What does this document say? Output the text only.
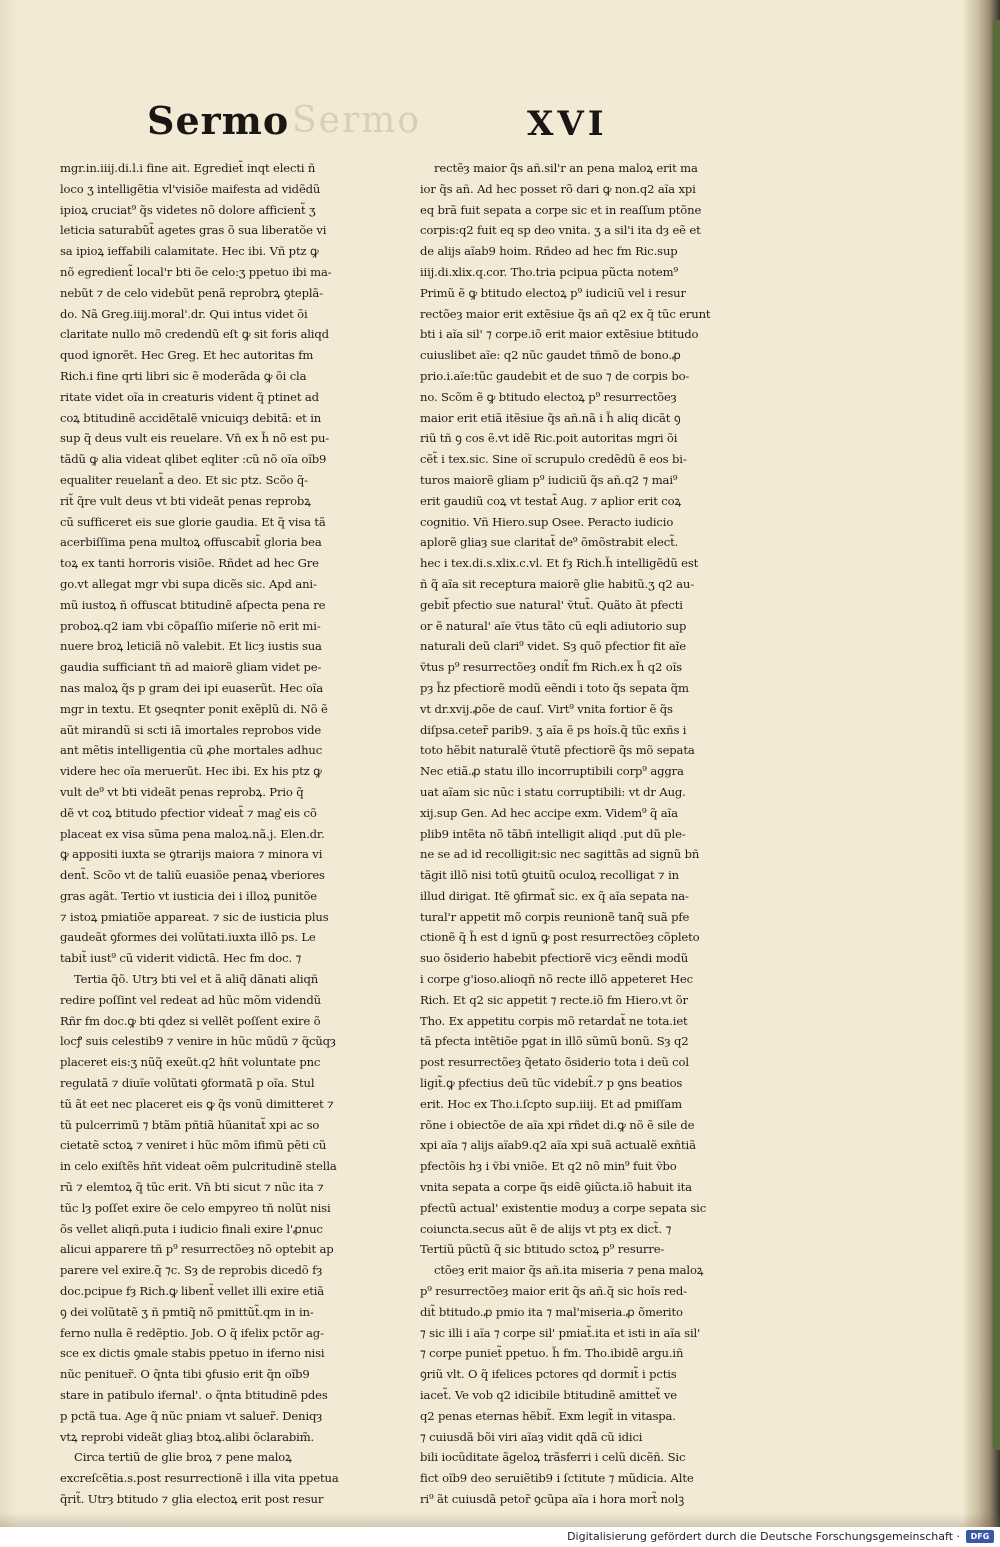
Sermo
Sermo	XVI
mgr.in.iiij.di.l.i fine ait. Egrediet̃ inqt electi ñ
loco ʒ intelligẽtia vl'visiõe maifesta ad vidẽdũ
ipioꝝ cruciat⁹ q̃s videtes nõ dolore afficient̃ ʒ
leticia saturabũt̃ agetes gras õ sua liberatõe vi
sa ipioꝝ ieffabili calamitate. Hec ibi. Vñ ptz ꝙ
nõ egredient̃ local'r bti õe celo:ʒ ppetuo ibi ma-
nebũt ⁊ de celo videbũt penã reprobrꝝ ꝯteplã-
do. Nã Greg.iiij.moral'.dr. Qui intus videt õi
claritate nullo mõ credendũ eſt ꝙ sit foris aliqd
quod ignorẽt. Hec Greg. Et hec autoritas fm
Rich.i fine qrti libri sic ẽ moderãda ꝙ õi cla
ritate videt oĩa in creaturis vident q̃ ptinet ad
coꝝ btitudinẽ accidẽtalẽ vnicuiqȝ debitã: et in
sup q̃ deus vult eis reuelare. Vn̄ ex h̃ nõ est pu-
tãdũ ꝙ alia videat qlibet eqliter :cũ nõ oĩa oĩb9
equaliter reuelant̃ a deo. Et sic ptz. Scõo q̃-
rit̃ q̃re vult deus vt bti videãt penas reprobꝝ
cũ sufficeret eis sue glorie gaudia. Et q̃ visa tã
acerbiſſima pena multoꝝ offuscabit̃ gloria bea
toꝝ ex tanti horroris visiõe. Rñdet ad hec Gre
go.vt allegat mgr vbi supa dicẽs sic. Apd ani-
mũ iustoꝝ ñ offuscat btitudinẽ aſpecta pena re
proboꝝ.q2 iam vbi cõpaſſio miſerie nõ erit mi-
nuere broꝝ leticiã nõ valebit. Et licȝ iustis sua
gaudia sufficiant tñ ad maiorẽ gliam videt pe-
nas maloꝝ q̃s p gram dei ipi euaserũt. Hec oĩa
mgr in textu. Et ꝯseqnter ponit exẽplũ di. Nõ ẽ
aũt mirandũ si scti iã imortales reprobos vide
ant mẽtis intelligentia cũ ꝓhe mortales adhuc
videre hec oĩa meruerũt. Hec ibi. Ex his ptz ꝙ
vult de⁹ vt bti videãt penas reprobꝝ. Prio q̃
dẽ vt coꝝ btitudo pfectior videat̃ ⁊ mag͛ eis cõ
placeat ex visa sũma pena maloꝝ.nã.j. Elen.dr.
ꝙ appositi iuxta se ꝯtrarijs maiora ⁊ minora vi
dent̃. Scõo vt de taliũ euasiõe penaꝝ vberiores
gras agãt. Tertio vt iusticia dei i illoꝝ punitõe
⁊ istoꝝ pmiatiõe appareat. ⁊ sic de iusticia plus
gaudeãt ꝯformes dei volũtati.iuxta illõ ps. Le
tabit̃ iust⁹ cũ viderit vidictã. Hec fm doc. ⁊
Tertia q̃õ. Utrȝ bti vel et ã aliq̃ dãnati aliqñ
redire poſſint vel redeat ad hũc mõm videndũ
Rñr fm doc.ꝙ bti qdez si vellẽt poſſent exire õ
locꝭ suis celestib9 ⁊ venire in hũc mũdũ ⁊ q̃cũqȝ
placeret eis:ʒ nũq̃ exeũt.q2 hñt voluntate pnc
regulatã ⁊ diuĩe volũtati ꝯformatã p oĩa. Stul
tũ ãt eet nec placeret eis ꝙ q̃s vonũ dimitteret ⁊
tũ pulcerrimũ ⁊ btãm pñtiã hũanitat̃ xpi ac so
cietatẽ sctoꝝ ⁊ veniret i hũc mõm ifimũ pẽti cũ
in celo exiſtẽs hñt videat oẽm pulcritudinẽ stella
rũ ⁊ elemtoꝝ q̃ tũc erit. Vn̄ bti sicut ⁊ nũc ita ⁊
tũc lȝ poſſet exire õe celo empyreo tñ nolũt nisi
õs vellet aliqñ.puta i iudicio finali exire l'ꝓnuc
alicui apparere tñ p⁹ resurrectõeȝ nõ optebit ap
parere vel exire.q̃ ⁊c. Sȝ de reprobis dicedõ fȝ
doc.pcipue fȝ Rich.ꝙ libent̃ vellet illi exire etiã
ꝯ dei volũtatẽ ʒ ñ pmtiq̃ nõ pmittũt̃.qm in in-
ferno nulla ẽ redẽptio. Job. O q̃ ifelix pctõr ag-
sce ex dictis ꝯmale stabis ppetuo in iferno nisi
nũc penituer̃. O q̃nta tibi ꝯfusio erit q̃n oĩb9
stare in patibulo ifernal'. o q̃nta btitudinẽ pdes
p pctã tua. Age q̃ nũc pniam vt saluer̃. Deniqȝ
vtꝝ reprobi videãt gliaȝ btoꝝ.alibi õclarabim̃.
Circa tertiũ de glie broꝝ ⁊ pene maloꝝ
excreſcẽtia.s.post resurrectionẽ i illa vita ppetua
q̃rit̃. Utrȝ btitudo ⁊ glia electoꝝ erit post resur
rectẽȝ maior q̃s añ.sil'r an pena maloꝝ erit ma
ior q̃s añ. Ad hec posset rõ dari ꝙ non.q2 aĩa xpi
eq brã fuit sepata a corpe sic et in reaſſum ptõne
corpis:q2 fuit eq sp deo vnita. ʒ a sil'i ita dȝ eẽ et
de alijs aĩab9 hoim. Rñdeo ad hec fm Ric.sup
iiij.di.xlix.q.cor. Tho.tria pcipua pũcta notem⁹
Primũ ẽ ꝙ btitudo electoꝝ p⁹ iudiciũ vel i resur
rectõeȝ maior erit extẽsiue q̃s añ q2 ex q̃ tũc erunt
bti i aĩa sil' ⁊ corpe.iõ erit maior extẽsiue btitudo
cuiuslibet aĩe: q2 nũc gaudet tñmõ de bono.ꝓ
prio.i.aĩe:tũc gaudebit et de suo ⁊ de corpis bo-
no. Scõm ẽ ꝙ btitudo electoꝝ p⁹ resurrectõeȝ
maior erit etiã itẽsiue q̃s añ.nã i h̃ aliq dicãt ꝯ
riũ tñ ꝯ cos ẽ.vt idẽ Ric.poit autoritas mgri õi
cẽt̃ i tex.sic. Sine oĩ scrupulo credẽdũ ẽ eos bi-
turos maiorẽ gliam p⁹ iudiciũ q̃s añ.q2 ⁊ mai⁹
erit gaudiũ coꝝ vt testat̃ Aug. ⁊ aplior erit coꝝ
cognitio. Vñ Hiero.sup Osee. Peracto iudicio
aplorẽ gliaȝ sue claritat̃ de⁹ õmõstrabit elect̃.
hec i tex.di.s.xlix.c.vl. Et fȝ Rich.h̃ intelligẽdũ est
ñ q̃ aĩa sit receptura maiorẽ glie habitũ.ʒ q2 au-
gebit̃ pfectio sue natural' ṽtut̃. Quãto ãt pfecti
or ẽ natural' aĩe ṽtus tãto cũ eqli adiutorio sup
naturali deũ clari⁹ videt. Sȝ quõ pfectior fit aĩe
ṽtus p⁹ resurrectõeȝ ondit̃ fm Rich.ex h̃ q2 oĩs
pȝ h̃z pfectiorẽ modũ eẽndi i toto q̃s sepata q̃m
vt dr.xvij.ꝓõe de cauſ. Virt⁹ vnita fortior ẽ q̃s
diſpsa.ceter̃ parib9. ʒ aĩa ẽ ps hoĩs.q̃ tũc exñs i
toto hẽbit naturalẽ ṽtutẽ pfectiorẽ q̃s mõ sepata
Nec etiã.ꝓ statu illo incorruptibili corp⁹ aggra
uat aĩam sic nũc i statu corruptibili: vt dr Aug.
xij.sup Gen. Ad hec accipe exm. Videm⁹ q̃ aĩa
plib9 intẽta nõ tãbñ intelligit aliqd .put dũ ple-
ne se ad id recolligit:sic nec sagittãs ad signũ bñ
tãgit illõ nisi totũ ꝯtuitũ oculoꝝ recolligat ⁊ in
illud dirigat. Itẽ ꝯfirmat̃ sic. ex q̃ aĩa sepata na-
tural'r appetit mõ corpis reunionẽ tanq̃ suã pfe
ctionẽ q̃ h̃ est d ignũ ꝙ post resurrectõeȝ cõpleto
suo õsiderio habebit pfectiorẽ vicȝ eẽndi modũ
i corpe g'ioso.alioqñ nõ recte illõ appeteret Hec
Rich. Et q2 sic appetit ⁊ recte.iõ fm Hiero.vt õr
Tho. Ex appetitu corpis mõ retardat̃ ne tota.iet
tã pfecta intẽtiõe pgat in illõ sũmũ bonũ. Sȝ q2
post resurrectõeȝ q̃etato õsiderio tota i deũ col
ligit̃.ꝙ pfectius deũ tũc videbit̃.⁊ p ꝯns beatios
erit. Hoc ex Tho.i.ſcpto sup.iiij. Et ad pmiſſam
rõne i obiectõe de aĩa xpi rñdet di.ꝙ nõ ẽ sile de
xpi aĩa ⁊ alijs aĩab9.q2 aĩa xpi suã actualẽ exñtiã
pfectõis hȝ i ṽbi vniõe. Et q2 nõ min⁹ fuit ṽbo
vnita sepata a corpe q̃s eidẽ ꝯiũcta.iõ habuit ita
pfectũ actual' existentie moduȝ a corpe sepata sic
coiuncta.secus aũt ẽ de alijs vt ptȝ ex dict̃. ⁊
Tertiũ pũctũ q̃ sic btitudo sctoꝝ p⁹ resurre-
ctõeȝ erit maior q̃s añ.ita miseria ⁊ pena maloꝝ
p⁹ resurrectõeȝ maior erit q̃s añ.q̃ sic hoĩs red-
dit̃ btitudo.ꝓ pmio ita ⁊ mal'miseria.ꝓ õmerito
⁊ sic illi i aĩa ⁊ corpe sil' pmiat̃.ita et isti in aĩa sil'
⁊ corpe puniet̃ ppetuo. h̃ fm. Tho.ibidẽ argu.iñ
ꝯriũ vlt. O q̃ ifelices pctores qd dormit̃ i pctis
iacet̃. Ve vob q2 idicibile btitudinẽ amittet̃ ve
q2 penas eternas hẽbit̃. Exm legit̃ in vitaspa.
⁊ cuiusdã bõi viri aĩaȝ vidit qdã cũ idici
bili iocũditate ãgeloꝝ trãsferri i celũ dicẽñ. Sic
fict oĩb9 deo seruiẽtib9 i ſctitute ⁊ mũdicia. Alte
ri⁹ ãt cuiusdã petor̃ ꝯcũpa aĩa i hora mort̃ nolꝫ
Digitalisierung gefördert durch die Deutsche Forschungsgemeinschaft ·	DFG
